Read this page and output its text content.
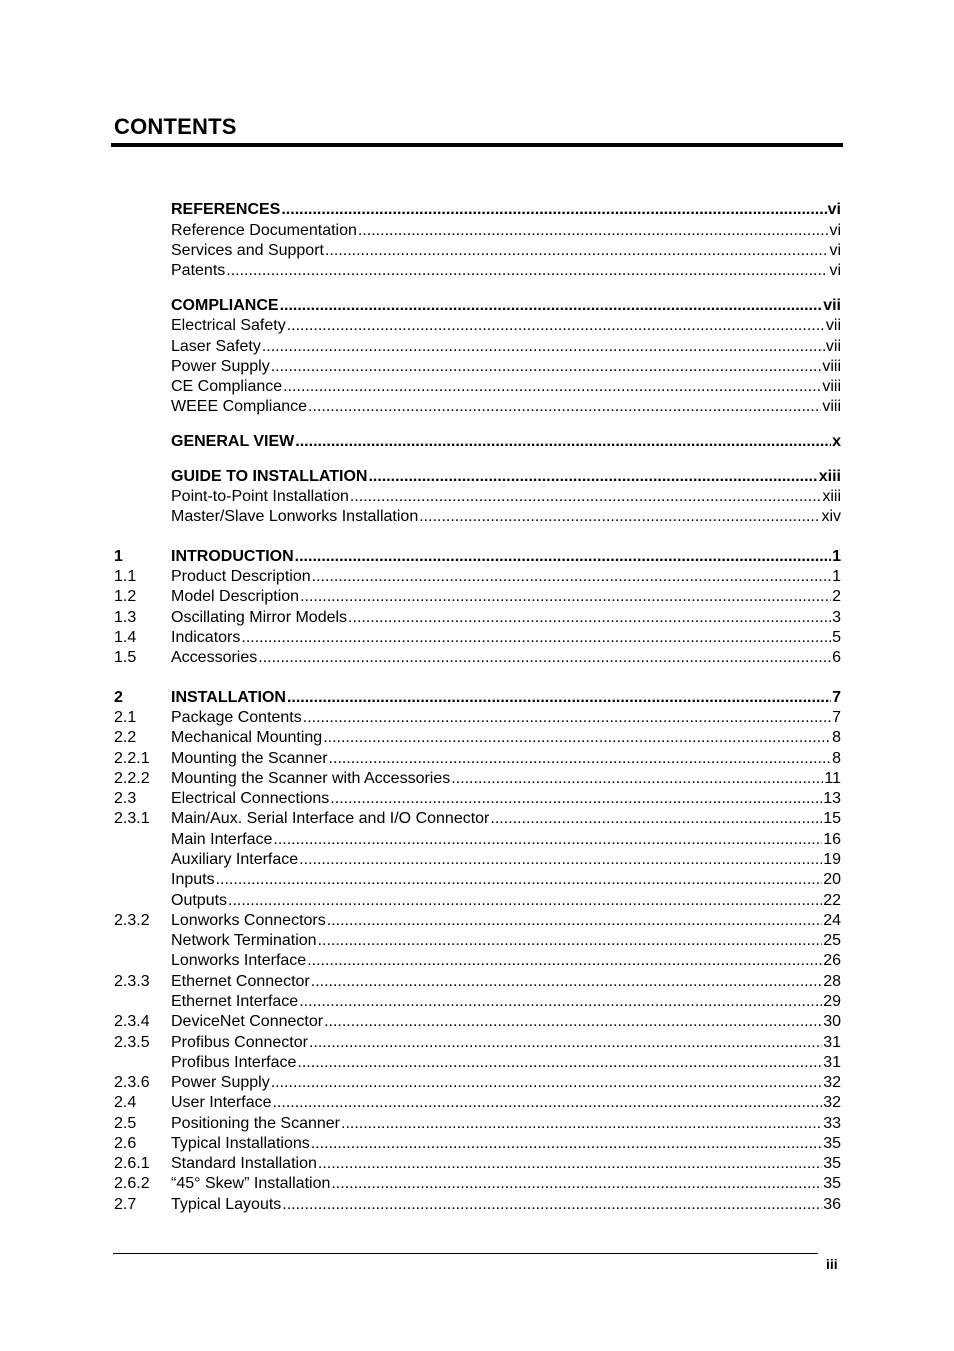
CONTENTS
REFERENCES .....	vi
Reference Documentation .....	vi
Services and Support .....	vi
Patents .....	vi
COMPLIANCE .....	vii
Electrical Safety .....	vii
Laser Safety .....	vii
Power Supply .....	viii
CE Compliance .....	viii
WEEE Compliance .....	viii
GENERAL VIEW .....	x
GUIDE TO INSTALLATION .....	xiii
Point-to-Point Installation .....	xiii
Master/Slave Lonworks Installation .....	xiv
1	INTRODUCTION .....	1
1.1 Product Description .....	1
1.2 Model Description .....	2
1.3 Oscillating Mirror Models .....	3
1.4 Indicators .....	5
1.5 Accessories .....	6
2	INSTALLATION .....	7
2.1 Package Contents .....	7
2.2 Mechanical Mounting .....	8
2.2.1 Mounting the Scanner .....	8
2.2.2 Mounting the Scanner with Accessories .....	11
2.3 Electrical Connections .....	13
2.3.1 Main/Aux. Serial Interface and I/O Connector .....	15
Main Interface .....	16
Auxiliary Interface .....	19
Inputs .....	20
Outputs .....	22
2.3.2 Lonworks Connectors .....	24
Network Termination .....	25
Lonworks Interface .....	26
2.3.3 Ethernet Connector .....	28
Ethernet Interface .....	29
2.3.4 DeviceNet Connector .....	30
2.3.5 Profibus Connector .....	31
Profibus Interface .....	31
2.3.6 Power Supply .....	32
2.4 User Interface .....	32
2.5 Positioning the Scanner .....	33
2.6 Typical Installations .....	35
2.6.1 Standard Installation .....	35
2.6.2 “45° Skew” Installation .....	35
2.7 Typical Layouts .....	36
iii
